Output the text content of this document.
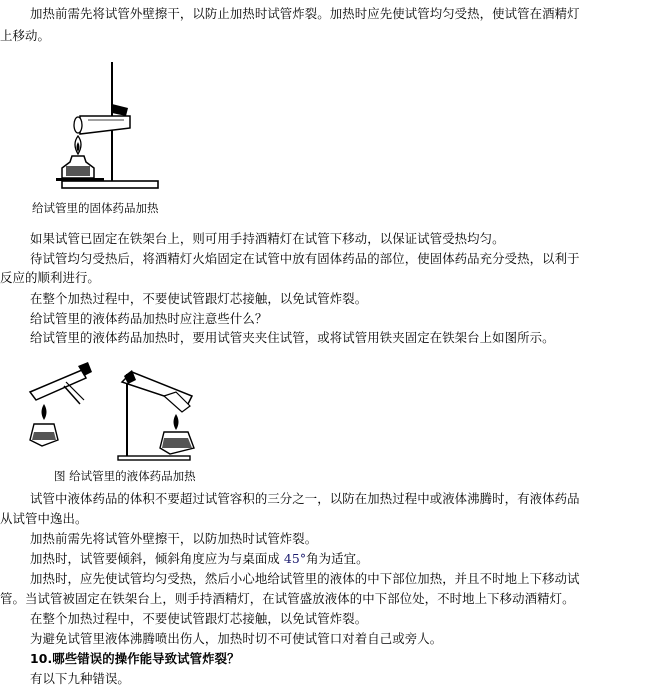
加热前需先将试管外壁擦干，以防止加热时试管炸裂。加热时应先使试管均匀受热，使试管在酒精灯
上移动。
给试管里的固体药品加热
如果试管已固定在铁架台上，则可用手持酒精灯在试管下移动，以保证试管受热均匀。
待试管均匀受热后，将酒精灯火焰固定在试管中放有固体药品的部位，使固体药品充分受热，以利于
反应的顺利进行。
在整个加热过程中，不要使试管跟灯芯接触，以免试管炸裂。
给试管里的液体药品加热时应注意些什么？
给试管里的液体药品加热时，要用试管夹夹住试管，或将试管用铁夹固定在铁架台上如图所示。
图 给试管里的液体药品加热
试管中液体药品的体积不要超过试管容积的三分之一，以防在加热过程中或液体沸腾时，有液体药品
从试管中逸出。
加热前需先将试管外壁擦干，以防加热时试管炸裂。
加热时，试管要倾斜，倾斜角度应为与桌面成 45°角为适宜。
加热时，应先使试管均匀受热，然后小心地给试管里的液体的中下部位加热，并且不时地上下移动试
管。当试管被固定在铁架台上，则手持酒精灯，在试管盛放液体的中下部位处，不时地上下移动酒精灯。
在整个加热过程中，不要使试管跟灯芯接触，以免试管炸裂。
为避免试管里液体沸腾喷出伤人，加热时切不可使试管口对着自己或旁人。
10.哪些错误的操作能导致试管炸裂？
有以下九种错误。
